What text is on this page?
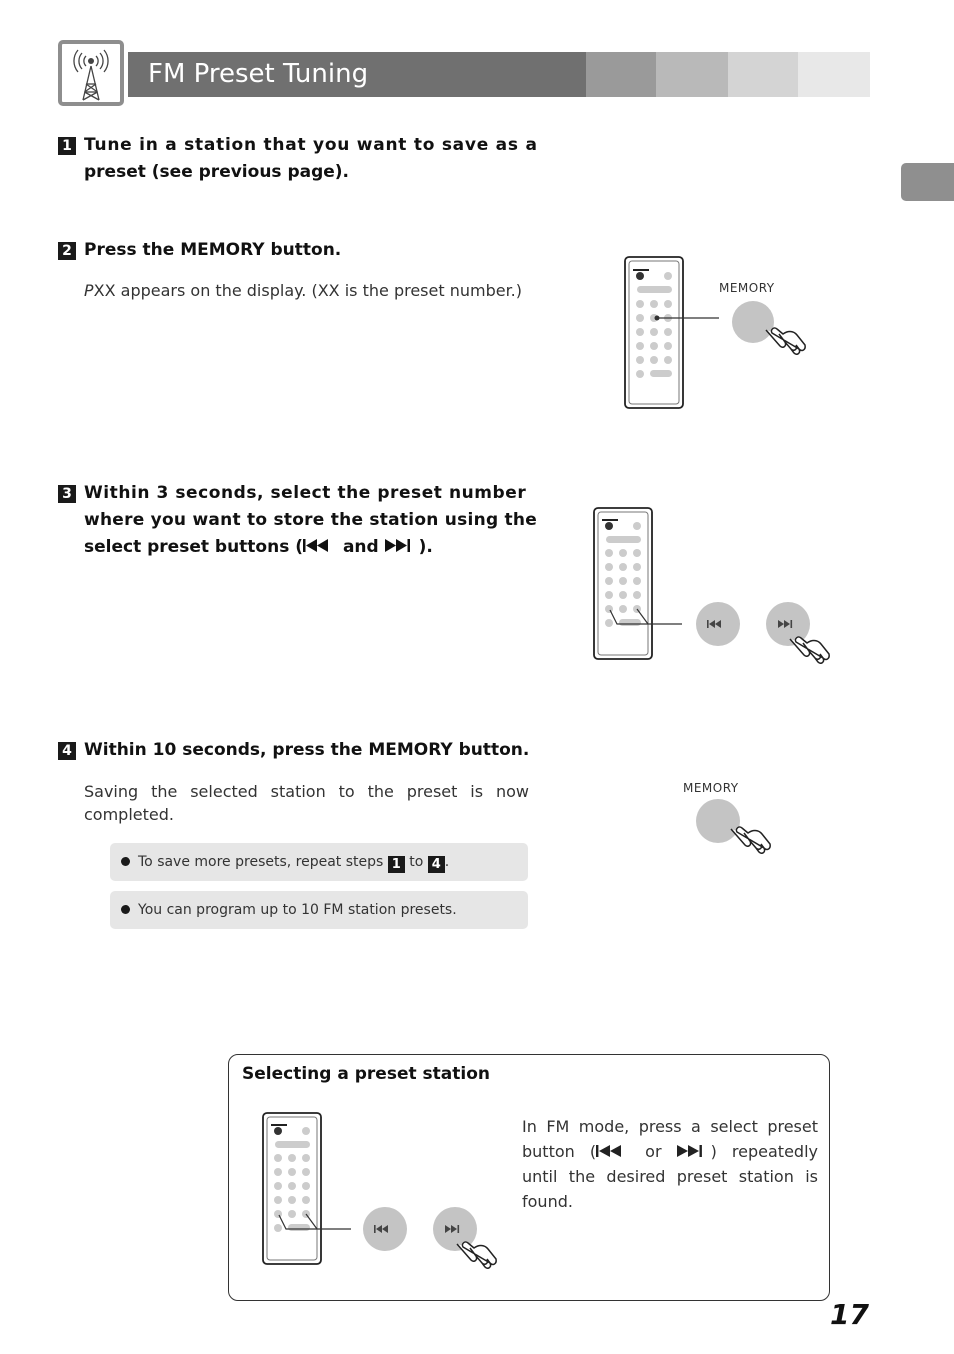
FM Preset Tuning
1 Tune in a station that you want to save as a
preset (see previous page).
2 Press the MEMORY button.
PXX appears on the display. (XX is the preset number.)	MEMORY
3 Within 3 seconds, select the preset number
where you want to store the station using the
select preset buttons ( and ).
4 Within 10 seconds, press the MEMORY button.
Saving the selected station to the preset is now completed.
MEMORY
To save more presets, repeat steps 1 to 4 .
You can program up to 10 FM station presets.
Selecting a preset station
In FM mode, press a select preset button ( or ) repeatedly until the desired preset station is found.
17
